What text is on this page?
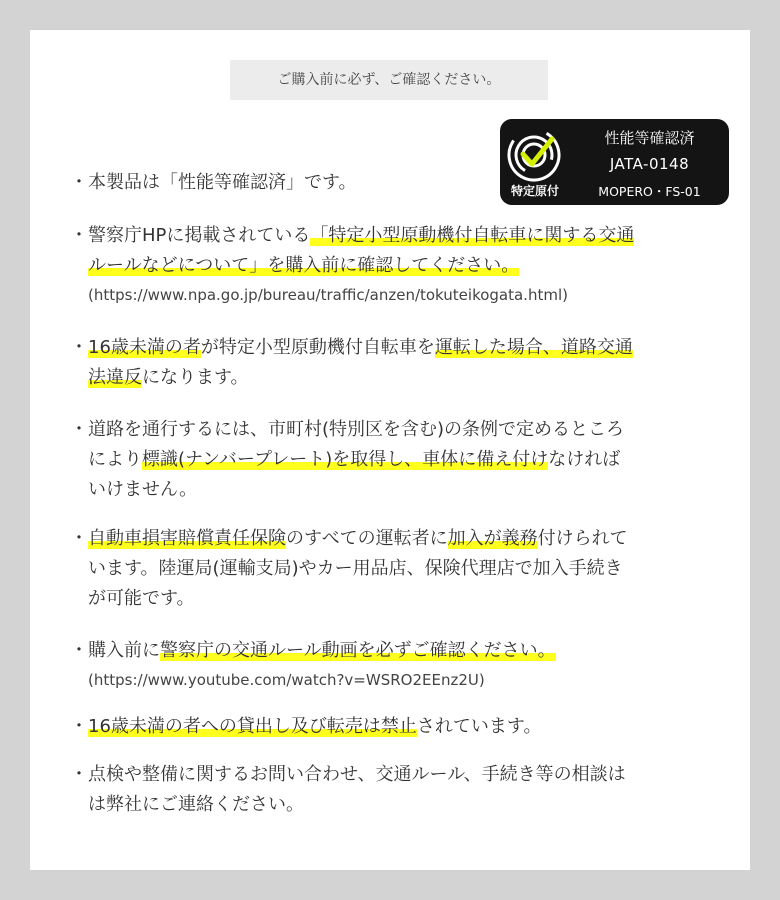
ご購入前に必ず、ご確認ください。
特定原付
性能等確認済
JATA-0148
MOPERO・FS-01
・ 本製品は「性能等確認済」です。
・ 警察庁HPに掲載されている「特定小型原動機付自転車に関する交通
ルールなどについて」を購入前に確認してください。
(https://www.npa.go.jp/bureau/traffic/anzen/tokuteikogata.html)
・ 16歳未満の者が特定小型原動機付自転車を運転した場合、道路交通
法違反になります。
・ 道路を通行するには、市町村(特別区を含む)の条例で定めるところ
により標識(ナンバープレート)を取得し、車体に備え付けなければ
いけません。
・ 自動車損害賠償責任保険のすべての運転者に加入が義務付けられて
います。陸運局(運輸支局)やカー用品店、保険代理店で加入手続き
が可能です。
・ 購入前に警察庁の交通ルール動画を必ずご確認ください。
(https://www.youtube.com/watch?v=WSRO2EEnz2U)
・ 16歳未満の者への貸出し及び転売は禁止されています。
・ 点検や整備に関するお問い合わせ、交通ルール、手続き等の相談は
は弊社にご連絡ください。
